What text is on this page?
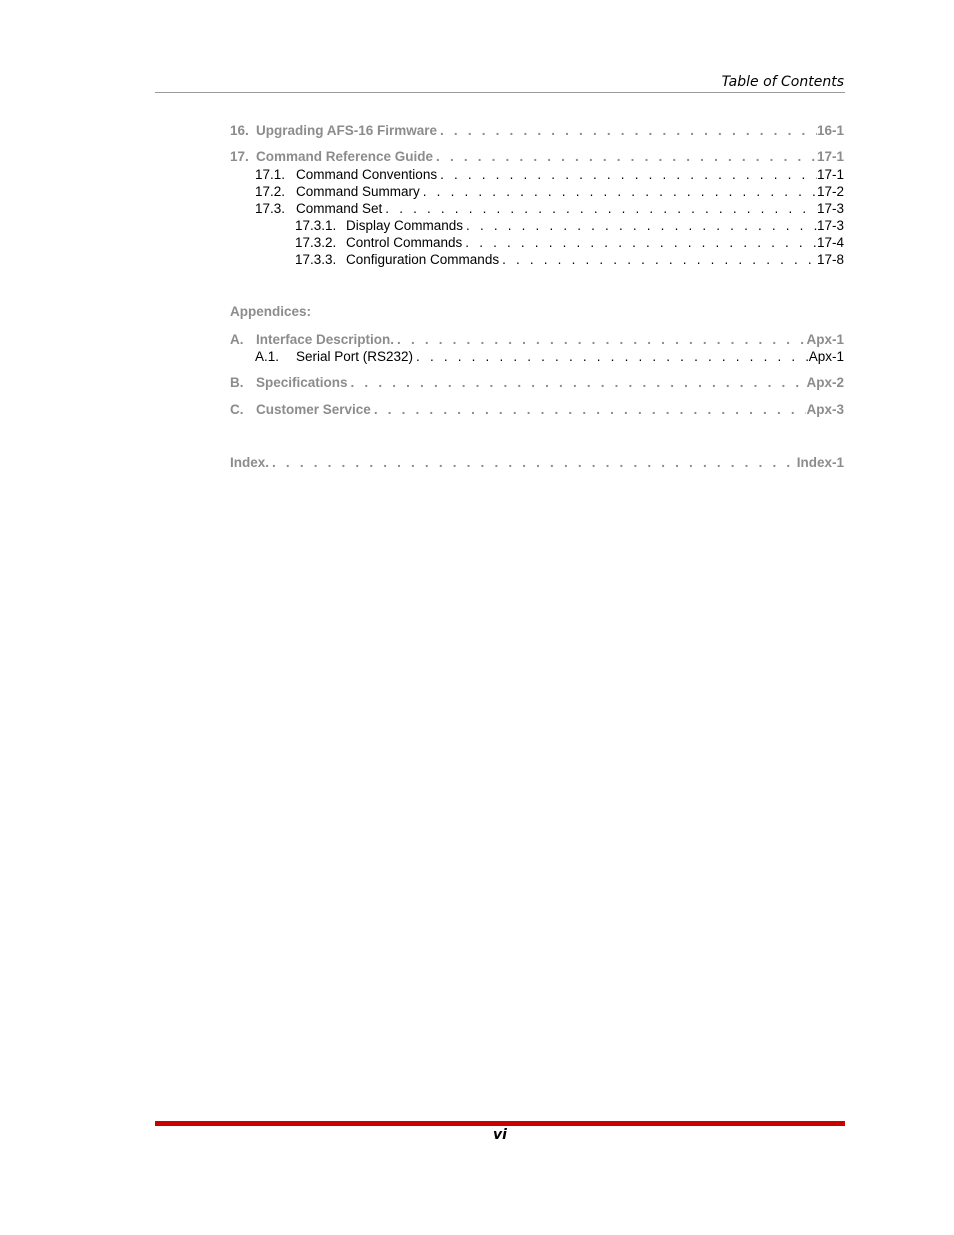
Table of Contents
16. Upgrading AFS-16 Firmware . . .	16-1
17. Command Reference Guide . . .	17-1
17.1. Command Conventions . . .	17-1
17.2. Command Summary . . .	17-2
17.3. Command Set . . .	17-3
17.3.1. Display Commands . . .	17-3
17.3.2. Control Commands . . .	17-4
17.3.3. Configuration Commands . . .	17-8
Appendices:
A. Interface Description. . . .	Apx-1
A.1.	Serial Port (RS232) . . .	Apx-1
B. Specifications . . .	Apx-2
C. Customer Service . . .	Apx-3
Index. . . .	Index-1
vi
